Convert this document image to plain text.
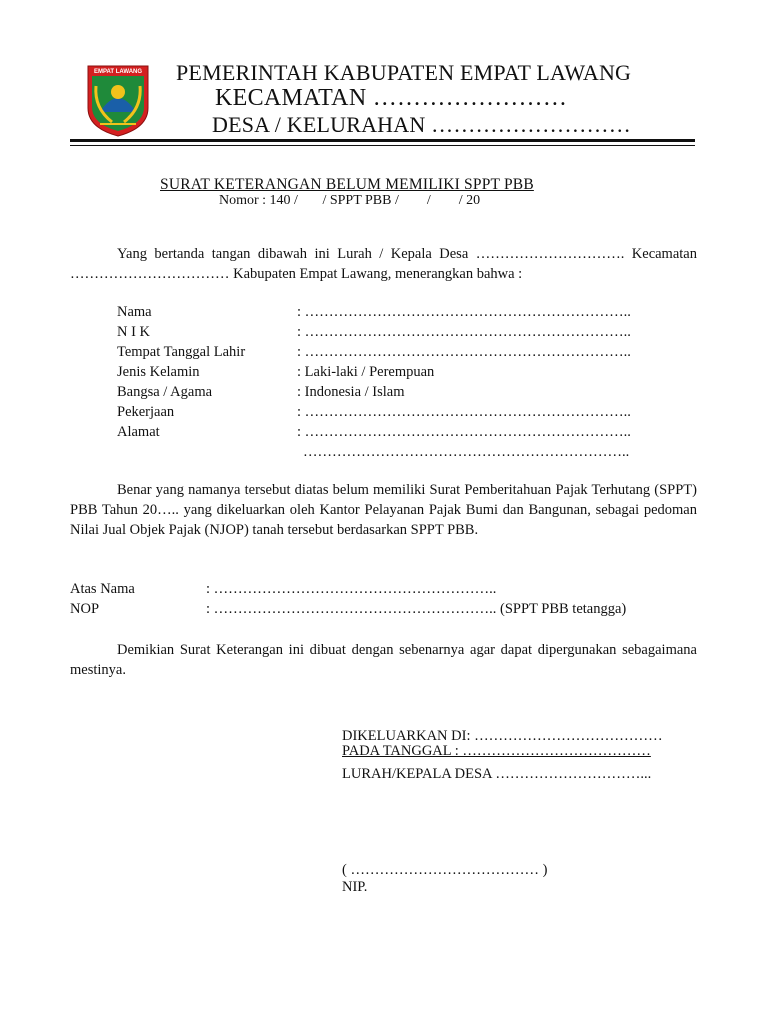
EMPAT LAWANG PEMERINTAH KABUPATEN EMPAT LAWANG
KECAMATAN ……………………
DESA / KELURAHAN ………………………
SURAT KETERANGAN BELUM MEMILIKI SPPT PBB
Nomor : 140 /       / SPPT PBB /        /        / 20
Yang bertanda tangan dibawah ini Lurah / Kepala Desa …………………………. Kecamatan …………………………… Kabupaten Empat Lawang, menerangkan bahwa :
Nama	: …………………………………………………………..
N I K	: …………………………………………………………..
Tempat Tanggal Lahir	: …………………………………………………………..
Jenis Kelamin	: Laki-laki / Perempuan
Bangsa / Agama	: Indonesia / Islam
Pekerjaan	: …………………………………………………………..
Alamat	: …………………………………………………………..
…………………………………………………………..
Benar yang namanya tersebut diatas belum memiliki Surat Pemberitahuan Pajak Terhutang (SPPT) PBB Tahun 20….. yang dikeluarkan oleh Kantor Pelayanan Pajak Bumi dan Bangunan, sebagai pedoman Nilai Jual Objek Pajak (NJOP) tanah tersebut berdasarkan SPPT PBB.
Atas Nama	: …………………………………………………..
NOP	: ………………………………………………….. (SPPT PBB tetangga)
Demikian Surat Keterangan ini dibuat dengan sebenarnya agar dapat dipergunakan sebagaimana mestinya.
DIKELUARKAN DI: …………………………………
PADA TANGGAL : …………………………………
LURAH/KEPALA DESA …………………………...
( ………………………………… )
NIP.
